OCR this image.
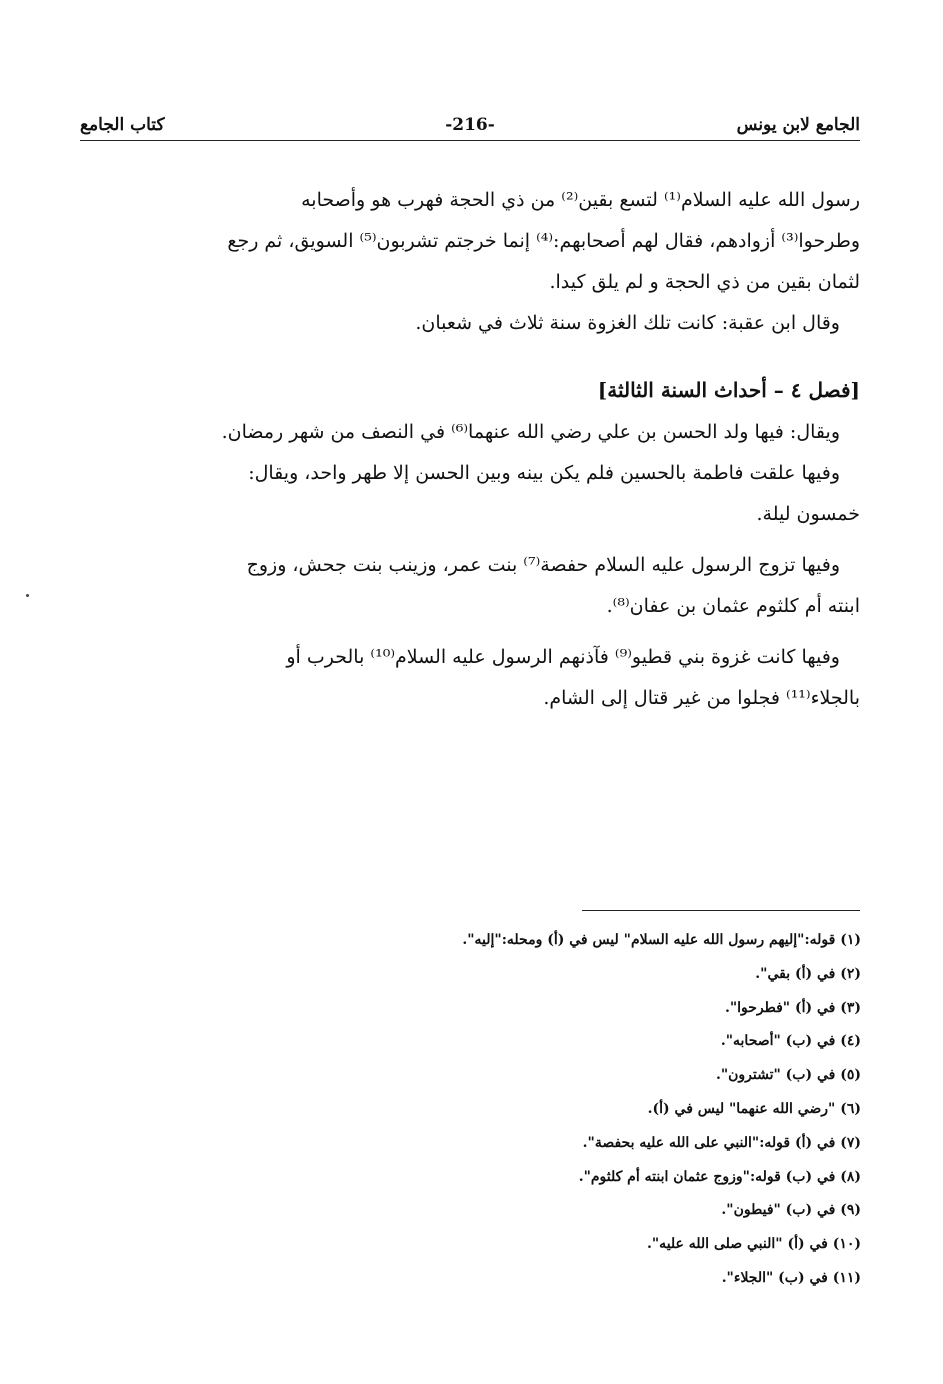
الجامع لابن يونس
-216-
كتاب الجامع
رسول الله عليه السلام⁽¹⁾ لتسع بقين⁽²⁾ من ذي الحجة فهرب هو وأصحابه
وطرحوا⁽³⁾ أزوادهم، فقال لهم أصحابهم:⁽⁴⁾ إنما خرجتم تشربون⁽⁵⁾ السويق، ثم رجع
لثمان بقين من ذي الحجة و لم يلق كيدا.
وقال ابن عقبة: كانت تلك الغزوة سنة ثلاث في شعبان.
[فصل ٤ – أحداث السنة الثالثة]
ويقال: فيها ولد الحسن بن علي رضي الله عنهما⁽⁶⁾ في النصف من شهر رمضان.
وفيها علقت فاطمة بالحسين فلم يكن بينه وبين الحسن إلا طهر واحد، ويقال:
خمسون ليلة.
وفيها تزوج الرسول عليه السلام حفصة⁽⁷⁾ بنت عمر، وزينب بنت جحش، وزوج
ابنته أم كلثوم عثمان بن عفان⁽⁸⁾.
وفيها كانت غزوة بني قطيو⁽⁹⁾ فآذنهم الرسول عليه السلام⁽¹⁰⁾ بالحرب أو
بالجلاء⁽¹¹⁾ فجلوا من غير قتال إلى الشام.
(١) قوله:"إليهم رسول الله عليه السلام" ليس في (أ) ومحله:"إليه".
(٢) في (أ) بقي".
(٣) في (أ) "فطرحوا".
(٤) في (ب) "أصحابه".
(٥) في (ب) "تشترون".
(٦) "رضي الله عنهما" ليس في (أ).
(٧) في (أ) قوله:"النبي على الله عليه بحفصة".
(٨) في (ب) قوله:"وزوج عثمان ابنته أم كلثوم".
(٩) في (ب) "فيطون".
(١٠) في (أ) "النبي صلى الله عليه".
(١١) في (ب) "الجلاء".
